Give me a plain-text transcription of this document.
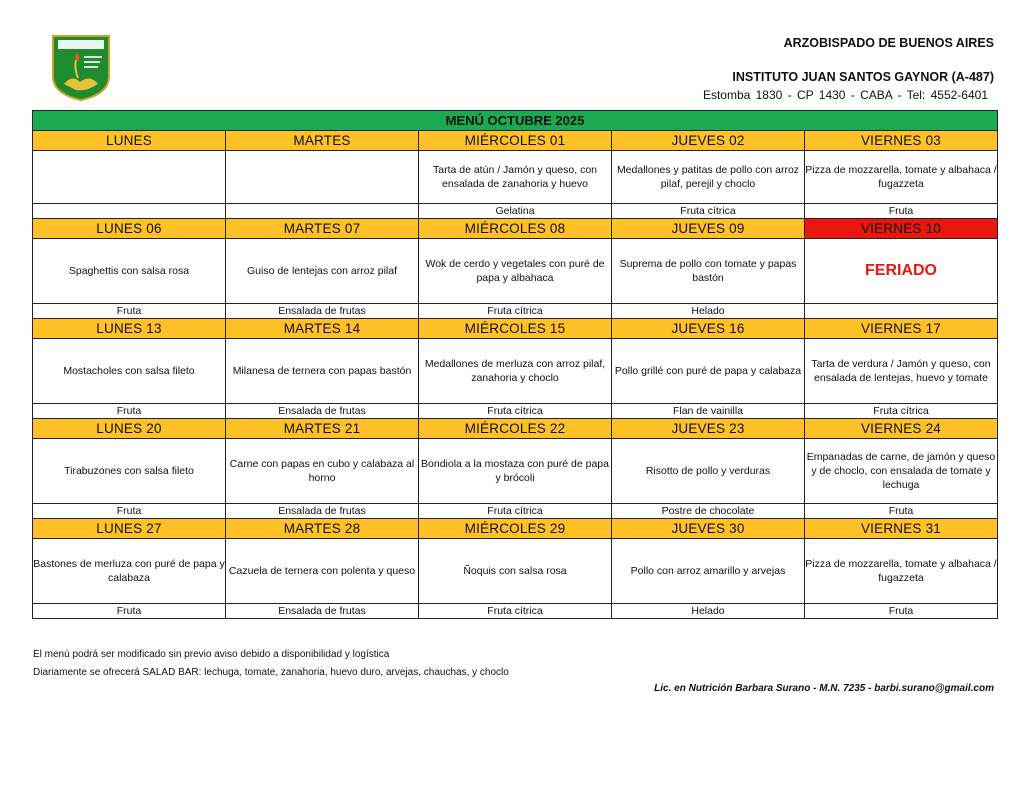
ARZOBISPADO DE BUENOS AIRES
INSTITUTO JUAN SANTOS GAYNOR (A-487)
Estomba 1830 - CP 1430 - CABA - Tel: 4552-6401
MENÚ OCTUBRE 2025				
LUNES	MARTES	MIÉRCOLES 01	JUEVES 02	VIERNES 03
		Tarta de atún / Jamón y queso, con ensalada de zanahoria y huevo	Medallones y patitas de pollo con arroz pilaf, perejil y choclo	Pizza de mozzarella, tomate y albahaca / fugazzeta
		Gelatina	Fruta cítrica	Fruta
LUNES 06	MARTES 07	MIÉRCOLES 08	JUEVES 09	VIERNES 10
Spaghettis con salsa rosa	Guiso de lentejas con arroz pilaf	Wok de cerdo y vegetales con puré de papa y albahaca	Suprema de pollo con tomate y papas bastón	FERIADO
Fruta	Ensalada de frutas	Fruta cítrica	Helado	
LUNES 13	MARTES 14	MIÉRCOLES 15	JUEVES 16	VIERNES 17
Mostacholes con salsa fileto	Milanesa de ternera con papas bastón	Medallones de merluza con arroz pilaf, zanahoria y choclo	Pollo grillé con puré de papa y calabaza	Tarta de verdura / Jamón y queso, con ensalada de lentejas, huevo y tomate
Fruta	Ensalada de frutas	Fruta cítrica	Flan de vainilla	Fruta cítrica
LUNES 20	MARTES 21	MIÉRCOLES 22	JUEVES 23	VIERNES 24
Tirabuzones con salsa fileto	Carne con papas en cubo y calabaza al horno	Bondiola a la mostaza con puré de papa y brócoli	Risotto de pollo y verduras	Empanadas de carne, de jamón y queso y de choclo, con ensalada de tomate y lechuga
Fruta	Ensalada de frutas	Fruta cítrica	Postre de chocolate	Fruta
LUNES 27	MARTES 28	MIÉRCOLES 29	JUEVES 30	VIERNES 31
Bastones de merluza con puré de papa y calabaza	Cazuela de ternera con polenta y queso	Ñoquis con salsa rosa	Pollo con arroz amarillo y arvejas	Pizza de mozzarella, tomate y albahaca / fugazzeta
Fruta	Ensalada de frutas	Fruta cítrica	Helado	Fruta
El menú podrá ser modificado sin previo aviso debido a disponibilidad y logística
Diariamente se ofrecerá SALAD BAR: lechuga, tomate, zanahoria, huevo duro, arvejas, chauchas, y choclo
Lic. en Nutrición Barbara Surano - M.N. 7235 - barbi.surano@gmail.com
